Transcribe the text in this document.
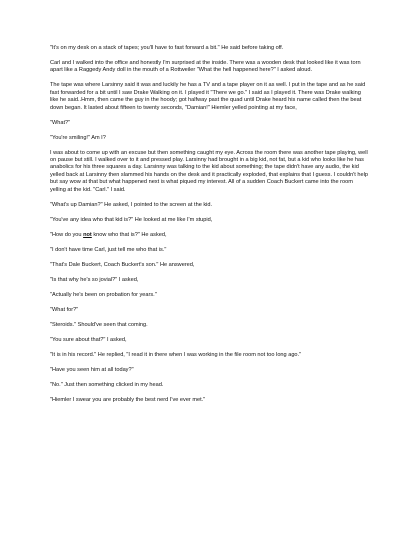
"It's on my desk on a stack of tapes; you'll have to fast forward a bit." He said before taking off.

Carl and I walked into the office and honestly I'm surprised at the inside. There was a wooden desk that looked like it was torn apart like a Raggedy Andy doll in the mouth of a Rottweiler "What the hell happened here?" I asked aloud.

The tape was where Larsinny said it was and luckily he has a TV and a tape player on it as well. I put in the tape and as he said fast forwarded for a bit until I saw Drake Walking on it. I played it "There we go." I said as I played it. There was Drake walking like he said..Hmm, then came the guy in the hoody; got halfway past the quad until Drake heard his name called then the beat down began. It lasted about fifteen to twenty seconds, "Damian!" Hiemler yelled pointing at my face,

"What?"

"You're smiling!" Am I?

I was about to come up with an excuse but then something caught my eye. Across the room there was another tape playing, well on pause but still. I walked over to it and pressed play. Larsinny had brought in a big kid, not fat, but a kid who looks like he has anabolics for his three squares a day. Larsinny was talking to the kid about something; the tape didn't have any audio, the kid yelled back at Larsinny then slammed his hands on the desk and it practically exploded, that explains that I guess. I couldn't help but say wow at that but what happened next is what piqued my interest. All of a sudden Coach Buckert came into the room yelling at the kid. "Carl." I said.

"What's up Damian?" He asked, I pointed to the screen at the kid.

"You've any idea who that kid is?" He looked at me like I'm stupid,

"How do you not know who that is?" He asked,

"I don't have time Carl, just tell me who that is."

"That's Dale Buckert, Coach Buckert's son." He answered,

"Is that why he's so jovial?" I asked,

"Actually he's been on probation for years."

"What for?"

"Steroids." Should've seen that coming.

"You sure about that?" I asked,

"It is in his record." He replied, "I read it in there when I was working in the file room not too long ago."

"Have you seen him at all today?"

"No." Just then something clicked in my head.

"Hiemler I swear you are probably the best nerd I've ever met."
